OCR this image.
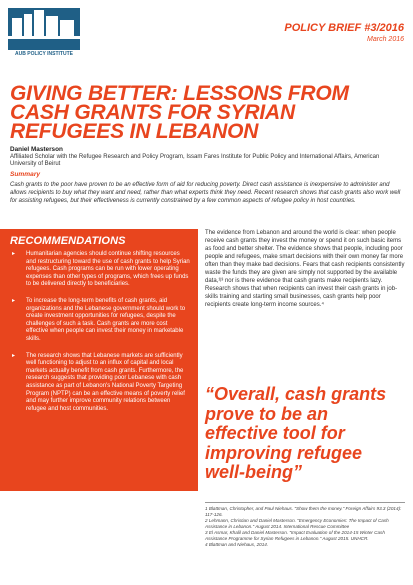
AUB POLICY INSTITUTE
POLICY BRIEF #3/2016
March 2016
GIVING BETTER: LESSONS FROM CASH GRANTS FOR SYRIAN REFUGEES IN LEBANON
Daniel Masterson
Affiliated Scholar with the Refugee Research and Policy Program, Issam Fares Institute for Public Policy and International Affairs, American University of Beirut
Summary
Cash grants to the poor have proven to be an effective form of aid for reducing poverty. Direct cash assistance is inexpensive to administer and allows recipients to buy what they want and need, rather than what experts think they need. Recent research shows that cash grants also work well for assisting refugees, but their effectiveness is currently constrained by a few common aspects of refugee policy in host countries.
RECOMMENDATIONS
▸ Humanitarian agencies should continue shifting resources and restructuring toward the use of cash grants to help Syrian refugees. Cash programs can be run with lower operating expenses than other types of programs, which frees up funds to be delivered directly to beneficiaries.
▸ To increase the long-term benefits of cash grants, aid organizations and the Lebanese government should work to create investment opportunities for refugees, despite the challenges of such a task. Cash grants are more cost effective when people can invest their money in marketable skills.
▸ The research shows that Lebanese markets are sufficiently well functioning to adjust to an influx of capital and local markets actually benefit from cash grants. Furthermore, the research suggests that providing poor Lebanese with cash assistance as part of Lebanon's National Poverty Targeting Program (NPTP) can be an effective means of poverty relief and may further improve community relations between refugee and host communities.
The evidence from Lebanon and around the world is clear: when people receive cash grants they invest the money or spend it on such basic items as food and better shelter. The evidence shows that people, including poor people and refugees, make smart decisions with their own money far more often than they make bad decisions. Fears that cash recipients consistently waste the funds they are given are simply not supported by the available data,¹ʲ³ nor is there evidence that cash grants make recipients lazy. Research shows that when recipients can invest their cash grants in job-skills training and starting small businesses, cash grants help poor recipients create long-term income sources.⁴
“Overall, cash grants prove to be an effective tool for improving refugee well-being”
1 Blattman, Christopher, and Paul Niehaus. "Show them the money." Foreign Affairs 93.3 (2014): 117-126.
2 Lehmann, Christian and Daniel Masterson. "Emergency Economies: The Impact of Cash Assistance in Lebanon." August 2014. International Rescue Committee
3 El Asmar, Khalil and Daniel Masterson. "Impact Evaluation of the 2014-15 Winter Cash Assistance Programme for Syrian Refugees in Lebanon." August 2015. UNHCR.
4 Blattman and Niehaus, 2014.
